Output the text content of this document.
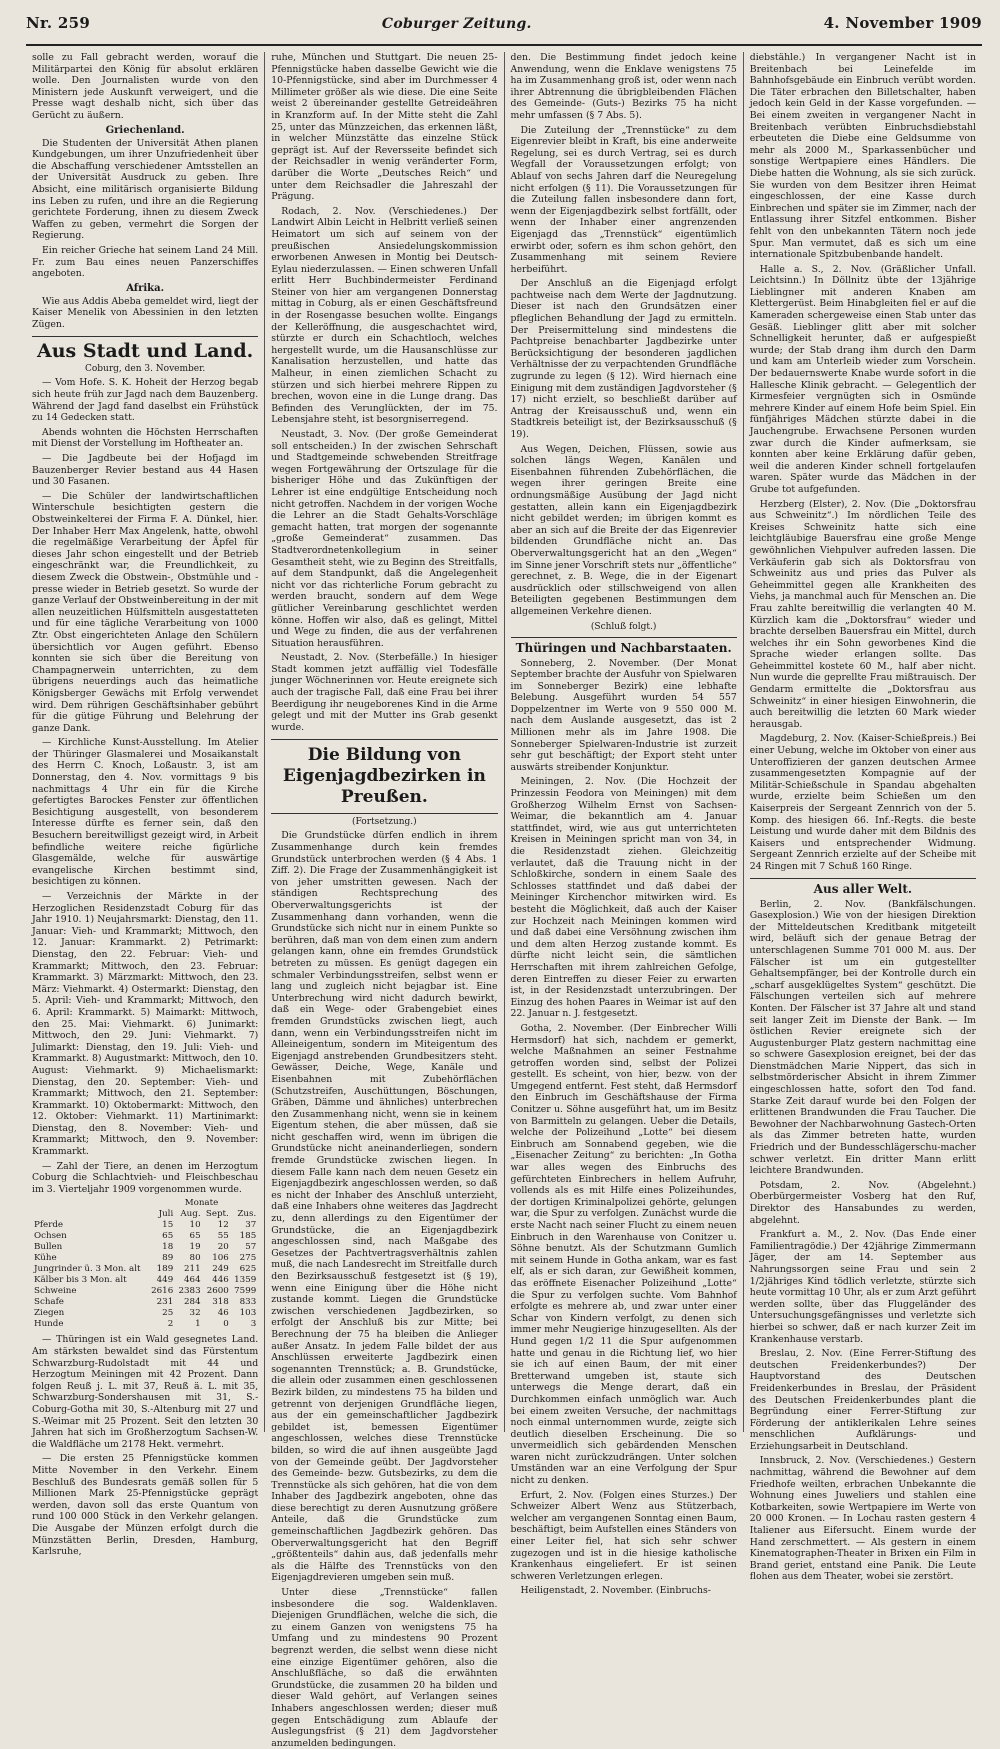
Nr. 259	Coburger Zeitung.	4. November 1909

solle zu Fall gebracht werden, worauf die Militärpartei den König für absolut erklären wolle. Den Journalisten wurde von den Ministern jede Auskunft verweigert, und die Presse wagt deshalb nicht, sich über das Gerücht zu äußern.

Griechenland.

Die Studenten der Universität Athen planen Kundgebungen, um ihrer Unzufriedenheit über die Abschaffung verschiedener Amtsstellen an der Universität Ausdruck zu geben. Ihre Absicht, eine militärisch organisierte Bildung ins Leben zu rufen, und ihre an die Regierung gerichtete Forderung, ihnen zu diesem Zweck Waffen zu geben, vermehrt die Sorgen der Regierung.

Ein reicher Grieche hat seinem Land 24 Mill. Fr. zum Bau eines neuen Panzerschiffes angeboten.

Afrika.

Wie aus Addis Abeba gemeldet wird, liegt der Kaiser Menelik von Abessinien in den letzten Zügen.

Aus Stadt und Land.
Coburg, den 3. November.

— Vom Hofe. S. K. Hoheit der Herzog begab sich heute früh zur Jagd nach dem Bauzenberg. Während der Jagd fand daselbst ein Frühstück zu 14 Gedecken statt.

Abends wohnten die Höchsten Herrschaften mit Dienst der Vorstellung im Hoftheater an.

— Die Jagdbeute bei der Hofjagd im Bauzenberger Revier bestand aus 44 Hasen und 30 Fasanen.

— Die Schüler der landwirtschaftlichen Winterschule besichtigten gestern die Obstweinkelterei der Firma F. A. Dünkel, hier. Der Inhaber Herr Max Angelenk, hatte, obwohl die regelmäßige Verarbeitung der Äpfel für dieses Jahr schon eingestellt und der Betrieb eingeschränkt war, die Freundlichkeit, zu diesem Zweck die Obstwein-, Obstmühle und -presse wieder in Betrieb gesetzt. So wurde der ganze Verlauf der Obstweinbereitung in der mit allen neuzeitlichen Hülfsmitteln ausgestatteten und für eine tägliche Verarbeitung von 1000 Ztr. Obst eingerichteten Anlage den Schülern übersichtlich vor Augen geführt. Ebenso konnten sie sich über die Bereitung von Champagnerwein unterrichten, zu dem übrigens neuerdings auch das heimatliche Königsberger Gewächs mit Erfolg verwendet wird. Dem rührigen Geschäftsinhaber gebührt für die gütige Führung und Belehrung der ganze Dank.

— Kirchliche Kunst-Ausstellung. Im Atelier der Thüringer Glasmalerei und Mosaikanstalt des Herrn C. Knoch, Loßaustr. 3, ist am Donnerstag, den 4. Nov. vormittags 9 bis nachmittags 4 Uhr ein für die Kirche gefertigtes Barockes Fenster zur öffentlichen Besichtigung ausgestellt, von besonderem Interesse dürfte es ferner sein, daß den Besuchern bereitwilligst gezeigt wird, in Arbeit befindliche weitere reiche figürliche Glasgemälde, welche für auswärtige evangelische Kirchen bestimmt sind, besichtigen zu können.

— Verzeichnis der Märkte in der Herzoglichen Residenzstadt Coburg für das Jahr 1910. 1) Neujahrsmarkt: Dienstag, den 11. Januar: Vieh- und Krammarkt; Mittwoch, den 12. Januar: Krammarkt. 2) Petrimarkt: Dienstag, den 22. Februar: Vieh- und Krammarkt; Mittwoch, den 23. Februar: Krammarkt. 3) Märzmarkt: Mittwoch, den 23. März: Viehmarkt. 4) Ostermarkt: Dienstag, den 5. April: Vieh- und Krammarkt; Mittwoch, den 6. April: Krammarkt. 5) Maimarkt: Mittwoch, den 25. Mai: Viehmarkt. 6) Junimarkt: Mittwoch, den 29. Juni: Viehmarkt. 7) Julimarkt: Dienstag, den 19. Juli: Vieh- und Krammarkt. 8) Augustmarkt: Mittwoch, den 10. August: Viehmarkt. 9) Michaelismarkt: Dienstag, den 20. September: Vieh- und Krammarkt; Mittwoch, den 21. September: Krammarkt. 10) Oktobermarkt: Mittwoch, den 12. Oktober: Viehmarkt. 11) Martinimarkt: Dienstag, den 8. November: Vieh- und Krammarkt; Mittwoch, den 9. November: Krammarkt.

— Zahl der Tiere, an denen im Herzogtum Coburg die Schlachtvieh- und Fleischbeschau im 3. Vierteljahr 1909 vorgenommen wurde.

Monate
	Juli	Aug.	Sept.	Zus.
Pferde	15	10	12	37
Ochsen	65	65	55	185
Bullen	18	19	20	57
Kühe	89	80	106	275
Jungrinder ü. 3 Mon. alt	189	211	249	625
Kälber bis 3 Mon. alt	449	464	446	1359
Schweine	2616	2383	2600	7599
Schafe	231	284	318	833
Ziegen	25	32	46	103
Hunde	2	1	0	3

— Thüringen ist ein Wald gesegnetes Land. Am stärksten bewaldet sind das Fürstentum Schwarzburg-Rudolstadt mit 44 und Herzogtum Meiningen mit 42 Prozent. Dann folgen Reuß j. L. mit 37, Reuß ä. L. mit 35, Schwarzburg-Sondershausen mit 31, S.-Coburg-Gotha mit 30, S.-Altenburg mit 27 und S.-Weimar mit 25 Prozent. Seit den letzten 30 Jahren hat sich im Großherzogtum Sachsen-W. die Waldfläche um 2178 Hekt. vermehrt.

— Die ersten 25 Pfennigstücke kommen Mitte November in den Verkehr. Einem Beschluß des Bundesrats gemäß sollen für 5 Millionen Mark 25-Pfennigstücke geprägt werden, davon soll das erste Quantum von rund 100 000 Stück in den Verkehr gelangen. Die Ausgabe der Münzen erfolgt durch die Münzstätten Berlin, Dresden, Hamburg, Karlsruhe,

ruhe, München und Stuttgart. Die neuen 25-Pfennigstücke haben dasselbe Gewicht wie die 10-Pfennigstücke, sind aber im Durchmesser 4 Millimeter größer als wie diese. Die eine Seite weist 2 übereinander gestellte Getreideähren in Kranzform auf. In der Mitte steht die Zahl 25, unter das Münzzeichen, das erkennen läßt, in welcher Münzstätte das einzelne Stück geprägt ist. Auf der Reversseite befindet sich der Reichsadler in wenig veränderter Form, darüber die Worte „Deutsches Reich“ und unter dem Reichsadler die Jahreszahl der Prägung.

Rodach, 2. Nov. (Verschiedenes.) Der Landwirt Albin Leicht in Helbritt verließ seinen Heimatort um sich auf seinem von der preußischen Ansiedelungskommission erworbenen Anwesen in Montig bei Deutsch-Eylau niederzulassen. — Einen schweren Unfall erlitt Herr Buchbindermeister Ferdinand Steiner von hier am vergangenen Donnerstag mittag in Coburg, als er einen Geschäftsfreund in der Rosengasse besuchen wollte. Eingangs der Kelleröffnung, die ausgeschachtet wird, stürzte er durch ein Schachtloch, welches hergestellt wurde, um die Hausanschlüsse zur Kanalisation herzustellen, und hatte das Malheur, in einen ziemlichen Schacht zu stürzen und sich hierbei mehrere Rippen zu brechen, wovon eine in die Lunge drang. Das Befinden des Verunglückten, der im 75. Lebensjahre steht, ist besorgniserregend.

Neustadt, 3. Nov. (Der große Gemeinderat soll entscheiden.) In der zwischen Sehrschaft und Stadtgemeinde schwebenden Streitfrage wegen Fortgewährung der Ortszulage für die bisheriger Höhe und das Zukünftigen der Lehrer ist eine endgültige Entscheidung noch nicht getroffen. Nachdem in der vorigen Woche die Lehrer an die Stadt Gehalts-Vorschläge gemacht hatten, trat morgen der sogenannte „große Gemeinderat“ zusammen. Das Stadtverordnetenkollegium in seiner Gesamtheit steht, wie zu Beginn des Streitfalls, auf dem Standpunkt, daß die Angelegenheit nicht vor das richterliche Forum gebracht zu werden braucht, sondern auf dem Wege gütlicher Vereinbarung geschlichtet werden könne. Hoffen wir also, daß es gelingt, Mittel und Wege zu finden, die aus der verfahrenen Situation herausführen.

Neustadt, 2. Nov. (Sterbefälle.) In hiesiger Stadt kommen jetzt auffällig viel Todesfälle junger Wöchnerinnen vor. Heute ereignete sich auch der tragische Fall, daß eine Frau bei ihrer Beerdigung ihr neugeborenes Kind in die Arme gelegt und mit der Mutter ins Grab gesenkt wurde.

Die Bildung von Eigenjagdbezirken in Preußen.
(Fortsetzung.)

Die Grundstücke dürfen endlich in ihrem Zusammenhange durch kein fremdes Grundstück unterbrochen werden (§ 4 Abs. 1 Ziff. 2). Die Frage der Zusammenhängigkeit ist von jeher umstritten gewesen. Nach der ständigen Rechtsprechung des Oberverwaltungsgerichts ist der Zusammenhang dann vorhanden, wenn die Grundstücke sich nicht nur in einem Punkte so berühren, daß man von dem einen zum andern gelangen kann, ohne ein fremdes Grundstück betreten zu müssen. Es genügt dagegen ein schmaler Verbindungsstreifen, selbst wenn er lang und zugleich nicht bejagbar ist. Eine Unterbrechung wird nicht dadurch bewirkt, daß ein Wege- oder Grabengebiet eines fremden Grundstücks zwischen liegt, auch dann, wenn ein Verbindungsstreifen nicht im Alleineigentum, sondern im Miteigentum des Eigenjagd anstrebenden Grundbesitzers steht. Gewässer, Deiche, Wege, Kanäle und Eisenbahnen mit Zubehörflächen (Schutzstreifen, Auschüttungen, Böschungen, Gräben, Dämme und ähnliches) unterbrechen den Zusammenhang nicht, wenn sie in keinem Eigentum stehen, die aber müssen, daß sie nicht geschaffen wird, wenn im übrigen die Grundstücke nicht aneinanderliegen, sondern fremde Grundstücke zwischen liegen. In diesem Falle kann nach dem neuen Gesetz ein Eigenjagdbezirk angeschlossen werden, so daß es nicht der Inhaber des Anschluß unterzieht, daß eine Inhabers ohne weiteres das Jagdrecht zu, denn allerdings zu den Eigentümer der Grundstücke, die an Eigenjagdbezirk angeschlossen sind, nach Maßgabe des Gesetzes der Pachtvertragsverhältnis zahlen muß, die nach Landesrecht im Streitfalle durch den Bezirksausschuß festgesetzt ist (§ 19), wenn eine Einigung über die Höhe nicht zustande kommt. Liegen die Grundstücke zwischen verschiedenen Jagdbezirken, so erfolgt der Anschluß bis zur Mitte; bei Berechnung der 75 ha bleiben die Anlieger außer Ansatz. In jedem Falle bildet der aus Anschlüssen erweiterte Jagdbezirk einen sogenannten Trennstück; a. B. Grundstücke, die allein oder zusammen einen geschlossenen Bezirk bilden, zu mindestens 75 ha bilden und getrennt von derjenigen Grundfläche liegen, aus der ein gemeinschaftlicher Jagdbezirk gebildet ist, bemessen Eigentümer angeschlossen, welches diese Trennstücke bilden, so wird die auf ihnen ausgeübte Jagd von der Gemeinde geübt. Der Jagdvorsteher des Gemeinde- bezw. Gutsbezirks, zu dem die Trennstücke als sich gehören, hat die von dem Inhaber des Jagdbezirk angeboten, ohne das diese berechtigt zu deren Ausnutzung größere Anteile, daß die Grundstücke zum gemeinschaftlichen Jagdbezirk gehören. Das Oberverwaltungsgericht hat den Begriff „größtenteils“ dahin aus, daß jedenfalls mehr als die Hälfte des Trennstücks von den Eigenjagdrevieren umgeben sein muß.

Unter diese „Trennstücke“ fallen insbesondere die sog. Waldenklaven. Diejenigen Grundflächen, welche die sich, die zu einem Ganzen von wenigstens 75 ha Umfang und zu mindestens 90 Prozent begrenzt werden, die selbst wenn diese nicht eine einzige Eigentümer gehören, also die Anschlußfläche, so daß die erwähnten Grundstücke, die zusammen 20 ha bilden und dieser Wald gehört, auf Verlangen seines Inhabers angeschlossen werden; dieser muß gegen Entschädigung zum Ablaufe der Auslegungsfrist (§ 21) dem Jagdvorsteher anzumelden bedingungen.

den. Die Bestimmung findet jedoch keine Anwendung, wenn die Enklave wenigstens 75 ha im Zusammenhang groß ist, oder wenn nach ihrer Abtrennung die übrigbleibenden Flächen des Gemeinde- (Guts-) Bezirks 75 ha nicht mehr umfassen (§ 7 Abs. 5).

Die Zuteilung der „Trennstücke“ zu dem Eigenrevier bleibt in Kraft, bis eine anderweite Regelung, sei es durch Vertrag, sei es durch Wegfall der Voraussetzungen erfolgt; von Ablauf von sechs Jahren darf die Neuregelung nicht erfolgen (§ 11). Die Voraussetzungen für die Zuteilung fallen insbesondere dann fort, wenn der Eigenjagdbezirk selbst fortfällt, oder wenn der Inhaber einer angrenzenden Eigenjagd das „Trennstück“ eigentümlich erwirbt oder, sofern es ihm schon gehört, den Zusammenhang mit seinem Reviere herbeiführt.

Der Anschluß an die Eigenjagd erfolgt pachtweise nach dem Werte der Jagdnutzung. Dieser ist nach den Grundsätzen einer pfleglichen Behandlung der Jagd zu ermitteln. Der Preisermittelung sind mindestens die Pachtpreise benachbarter Jagdbezirke unter Berücksichtigung der besonderen jagdlichen Verhältnisse der zu verpachtenden Grundfläche zugrunde zu legen (§ 12). Wird hiernach eine Einigung mit dem zuständigen Jagdvorsteher (§ 17) nicht erzielt, so beschließt darüber auf Antrag der Kreisausschuß und, wenn ein Stadtkreis beteiligt ist, der Bezirksausschuß (§ 19).

Aus Wegen, Deichen, Flüssen, sowie aus solchen längs Wegen, Kanälen und Eisenbahnen führenden Zubehörflächen, die wegen ihrer geringen Breite eine ordnungsmäßige Ausübung der Jagd nicht gestatten, allein kann ein Eigenjagdbezirk nicht gebildet werden; im übrigen kommt es aber an sich auf die Breite der das Eigenrevier bildenden Grundfläche nicht an. Das Oberverwaltungsgericht hat an den „Wegen“ im Sinne jener Vorschrift stets nur „öffentliche“ gerechnet, z. B. Wege, die in der Eigenart ausdrücklich oder stillschweigend von allen Beteiligten gegebenen Bestimmungen dem allgemeinen Verkehre dienen.

(Schluß folgt.)
Thüringen und Nachbarstaaten.

Sonneberg, 2. November. (Der Monat September brachte der Ausfuhr von Spielwaren im Sonneberger Bezirk) eine lebhafte Belebung. Ausgeführt wurden 54 557 Doppelzentner im Werte von 9 550 000 M. nach dem Auslande ausgesetzt, das ist 2 Millionen mehr als im Jahre 1908. Die Sonneberger Spielwaren-Industrie ist zurzeit sehr gut beschäftigt; der Export steht unter auswärts streibender Konjunktur.

Meiningen, 2. Nov. (Die Hochzeit der Prinzessin Feodora von Meiningen) mit dem Großherzog Wilhelm Ernst von Sachsen-Weimar, die bekanntlich am 4. Januar stattfindet, wird, wie aus gut unterrichteten Kreisen in Meiningen spricht man von 34, in die Residenzstadt ziehen. Gleichzeitig verlautet, daß die Trauung nicht in der Schloßkirche, sondern in einem Saale des Schlosses stattfindet und daß dabei der Meininger Kirchenchor mitwirken wird. Es besteht die Möglichkeit, daß auch der Kaiser zur Hochzeit nach Meiningen kommen wird und daß dabei eine Versöhnung zwischen ihm und dem alten Herzog zustande kommt. Es dürfte nicht leicht sein, die sämtlichen Herrschaften mit ihrem zahlreichen Gefolge, deren Eintreffen zu dieser Feier zu erwarten ist, in der Residenzstadt unterzubringen. Der Einzug des hohen Paares in Weimar ist auf den 22. Januar n. J. festgesetzt.

Gotha, 2. November. (Der Einbrecher Willi Hermsdorf) hat sich, nachdem er gemerkt, welche Maßnahmen an seiner Festnahme getroffen worden sind, selbst der Polizei gestellt. Es scheint, von hier, bezw. von der Umgegend entfernt. Fest steht, daß Hermsdorf den Einbruch im Geschäftshause der Firma Conitzer u. Söhne ausgeführt hat, um im Besitz von Barmitteln zu gelangen. Ueber die Details, welche der Polizeihund „Lotte“ bei diesem Einbruch am Sonnabend gegeben, wie die „Eisenacher Zeitung“ zu berichten: „In Gotha war alles wegen des Einbruchs des gefürchteten Einbrechers in hellem Aufruhr, vollends als es mit Hilfe eines Polizeihundes, der dortigen Kriminalpolizei gehörte, gelungen war, die Spur zu verfolgen. Zunächst wurde die erste Nacht nach seiner Flucht zu einem neuen Einbruch in den Warenhause von Conitzer u. Söhne benutzt. Als der Schutzmann Gumlich mit seinem Hunde in Gotha ankam, war es fast elf, als er sich daran, zur Gewißheit kommen, das eröffnete Eisenacher Polizeihund „Lotte“ die Spur zu verfolgen suchte. Vom Bahnhof erfolgte es mehrere ab, und zwar unter einer Schar von Kindern verfolgt, zu denen sich immer mehr Neugierige hinzugesellten. Als der Hund gegen 1/2 11 die Spur aufgenommen hatte und genau in die Richtung lief, wo hier sie ich auf einen Baum, der mit einer Bretterwand umgeben ist, staute sich unterwegs die Menge derart, daß ein Durchkommen einfach unmöglich war. Auch bei einem zweiten Versuche, der nachmittags noch einmal unternommen wurde, zeigte sich deutlich dieselben Erscheinung. Die so unvermeidlich sich gebärdenden Menschen waren nicht zurückzudrängen. Unter solchen Umständen war an eine Verfolgung der Spur nicht zu denken.

Erfurt, 2. Nov. (Folgen eines Sturzes.) Der Schweizer Albert Wenz aus Stützerbach, welcher am vergangenen Sonntag einen Baum, beschäftigt, beim Aufstellen eines Ständers von einer Leiter fiel, hat sich sehr schwer zugezogen und ist in die hiesige katholische Krankenhaus eingeliefert. Er ist seinen schweren Verletzungen erlegen.

Heiligenstadt, 2. November. (Einbruchs-

diebstähle.) In vergangener Nacht ist in Breitenbach bei Leinefelde im Bahnhofsgebäude ein Einbruch verübt worden. Die Täter erbrachen den Billetschalter, haben jedoch kein Geld in der Kasse vorgefunden. — Bei einem zweiten in vergangener Nacht in Breitenbach verübten Einbruchsdiebstahl erbeuteten die Diebe eine Geldsumme von mehr als 2000 M., Sparkassenbücher und sonstige Wertpapiere eines Händlers. Die Diebe hatten die Wohnung, als sie sich zurück. Sie wurden von dem Besitzer ihren Heimat eingeschlossen, der eine Kasse durch Einbrechen und später sie im Zimmer, nach der Entlassung ihrer Sitzfel entkommen. Bisher fehlt von den unbekannten Tätern noch jede Spur. Man vermutet, daß es sich um eine internationale Spitzbubenbande handelt.

Halle a. S., 2. Nov. (Gräßlicher Unfall. Leichtsinn.) In Döllnitz übte der 13jährige Lieblingner mit anderen Knaben am Klettergerüst. Beim Hinabgleiten fiel er auf die Kameraden schergeweise einen Stab unter das Gesäß. Lieblinger glitt aber mit solcher Schnelligkeit herunter, daß er aufgespießt wurde; der Stab drang ihm durch den Darm und kam am Unterleib wieder zum Vorschein. Der bedauernswerte Knabe wurde sofort in die Hallesche Klinik gebracht. — Gelegentlich der Kirmesfeier vergnügten sich in Osmünde mehrere Kinder auf einem Hofe beim Spiel. Ein fünfjähriges Mädchen stürzte dabei in die Jauchengrube. Erwachsene Personen wurden zwar durch die Kinder aufmerksam, sie konnten aber keine Erklärung dafür geben, weil die anderen Kinder schnell fortgelaufen waren. Später wurde das Mädchen in der Grube tot aufgefunden.

Herzberg (Elster), 2. Nov. (Die „Doktorsfrau aus Schweinitz“.) Im nördlichen Teile des Kreises Schweinitz hatte sich eine leichtgläubige Bauersfrau eine große Menge gewöhnlichen Viehpulver aufreden lassen. Die Verkäuferin gab sich als Doktorsfrau von Schweinitz aus und pries das Pulver als Geheimmittel gegen alle Krankheiten des Viehs, ja manchmal auch für Menschen an. Die Frau zahlte bereitwillig die verlangten 40 M. Kürzlich kam die „Doktorsfrau“ wieder und brachte derselben Bauersfrau ein Mittel, durch welches ihr ein Sohn geworbenes Kind die Sprache wieder erlangen sollte. Das Geheimmittel kostete 60 M., half aber nicht. Nun wurde die geprellte Frau mißtrauisch. Der Gendarm ermittelte die „Doktorsfrau aus Schweinitz“ in einer hiesigen Einwohnerin, die auch bereitwillig die letzten 60 Mark wieder herausgab.

Magdeburg, 2. Nov. (Kaiser-Schießpreis.) Bei einer Uebung, welche im Oktober von einer aus Unteroffizieren der ganzen deutschen Armee zusammengesetzten Kompagnie auf der Militär-Schießschule in Spandau abgehalten wurde, erzielte beim Schießen um den Kaiserpreis der Sergeant Zennrich von der 5. Komp. des hiesigen 66. Inf.-Regts. die beste Leistung und wurde daher mit dem Bildnis des Kaisers und entsprechender Widmung. Sergeant Zennrich erzielte auf der Scheibe mit 24 Ringen mit 7 Schuß 160 Ringe.

Aus aller Welt.

Berlin, 2. Nov. (Bankfälschungen. Gasexplosion.) Wie von der hiesigen Direktion der Mitteldeutschen Kreditbank mitgeteilt wird, beläuft sich der genaue Betrag der unterschlagenen Summe 701 000 M. aus. Der Fälscher ist um ein gutgestellter Gehaltsempfänger, bei der Kontrolle durch ein „scharf ausgeklügeltes System“ geschützt. Die Fälschungen verteilen sich auf mehrere Konten. Der Fälscher ist 37 Jahre alt und stand seit langer Zeit im Dienste der Bank. — Im östlichen Revier ereignete sich der Augustenburger Platz gestern nachmittag eine so schwere Gasexplosion ereignet, bei der das Dienstmädchen Marie Nippert, das sich in selbstmörderischer Absicht in ihrem Zimmer eingeschlossen hatte, sofort den Tod fand. Starke Zeit darauf wurde bei den Folgen der erlittenen Brandwunden die Frau Taucher. Die Bewohner der Nachbarwohnung Gastech-Orten als das Zimmer betreten hatte, wurden Friedrich und der Bundesschlägerschu-macher schwer verletzt. Ein dritter Mann erlitt leichtere Brandwunden.

Potsdam, 2. Nov. (Abgelehnt.) Oberbürgermeister Vosberg hat den Ruf, Direktor des Hansabundes zu werden, abgelehnt.

Frankfurt a. M., 2. Nov. (Das Ende einer Familientragödie.) Der 42jährige Zimmermann Jäger, der am 14. September aus Nahrungssorgen seine Frau und sein 2 1/2jähriges Kind tödlich verletzte, stürzte sich heute vormittag 10 Uhr, als er zum Arzt geführt werden sollte, über das Fluggeländer des Untersuchungsgefängnisses und verletzte sich hierbei so schwer, daß er nach kurzer Zeit im Krankenhause verstarb.

Breslau, 2. Nov. (Eine Ferrer-Stiftung des deutschen Freidenkerbundes?) Der Hauptvorstand des Deutschen Freidenkerbundes in Breslau, der Präsident des Deutschen Freidenkerbundes plant die Begründung einer Ferrer-Stiftung zur Förderung der antiklerikalen Lehre seines menschlichen Aufklärungs- und Erziehungsarbeit in Deutschland.

Innsbruck, 2. Nov. (Verschiedenes.) Gestern nachmittag, während die Bewohner auf dem Friedhofe weilten, erbrachen Unbekannte die Wohnung eines Juweliers und stahlen eine Kotbarkeiten, sowie Wertpapiere im Werte von 20 000 Kronen. — In Lochau rasten gestern 4 Italiener aus Eifersucht. Einem wurde der Hand zerschmettert. — Als gestern in einem Kinematographen-Theater in Brixen ein Film in Brand geriet, entstand eine Panik. Die Leute flohen aus dem Theater, wobei sie zerstört.
